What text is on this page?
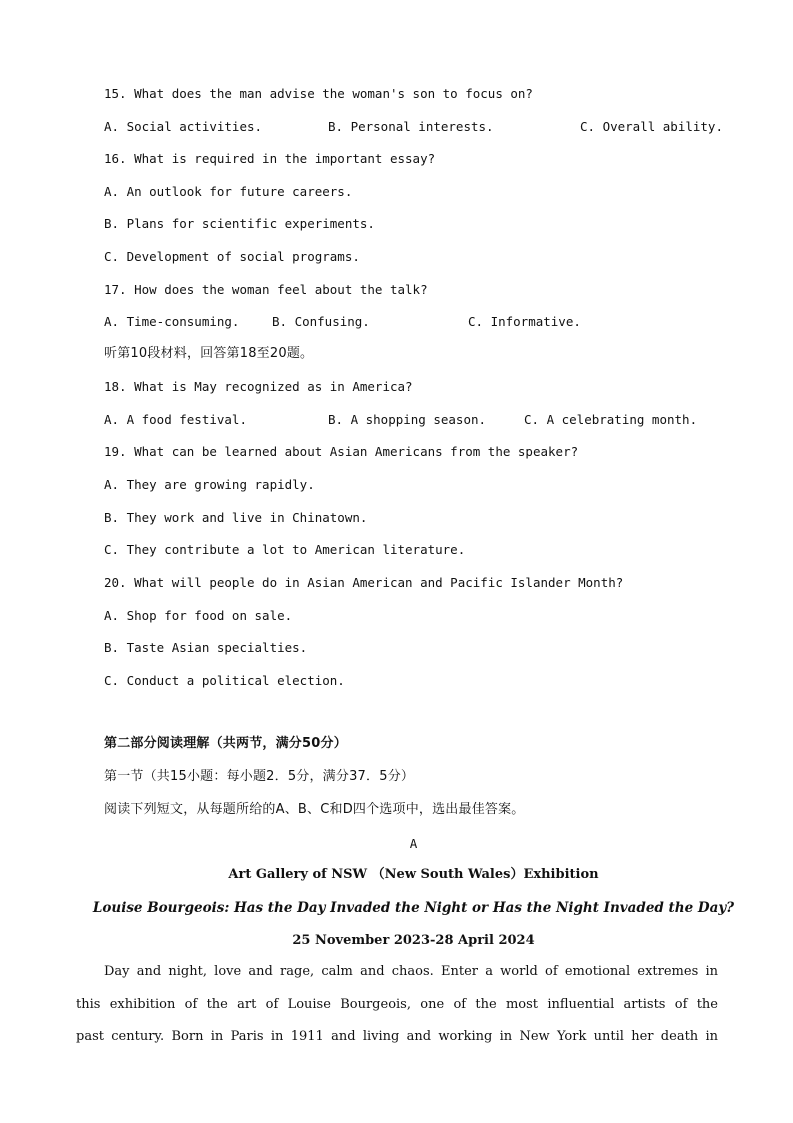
15. What does the man advise the woman's son to focus on?
A. Social activities.	B. Personal interests.	C. Overall ability.
16. What is required in the important essay?
A. An outlook for future careers.
B. Plans for scientific experiments.
C. Development of social programs.
17. How does the woman feel about the talk?
A. Time-consuming.	B. Confusing.	C. Informative.
听第10段材料，回答第18至20题。
18. What is May recognized as in America?
A. A food festival.	B. A shopping season.	C. A celebrating month.
19. What can be learned about Asian Americans from the speaker?
A. They are growing rapidly.
B. They work and live in Chinatown.
C. They contribute a lot to American literature.
20. What will people do in Asian American and Pacific Islander Month?
A. Shop for food on sale.
B. Taste Asian specialties.
C. Conduct a political election.
第二部分阅读理解（共两节，满分50分）
第一节（共15小题：每小题2．5分，满分37．5分）
阅读下列短文，从每题所给的A、B、C和D四个选项中，选出最佳答案。
A
Art Gallery of NSW （New South Wales）Exhibition
Louise Bourgeois: Has the Day Invaded the Night or Has the Night Invaded the Day?
25 November 2023-28 April 2024
Day and night, love and rage, calm and chaos. Enter a world of emotional extremes in
this exhibition of the art of Louise Bourgeois, one of the most influential artists of the
past century. Born in Paris in 1911 and living and working in New York until her death in
